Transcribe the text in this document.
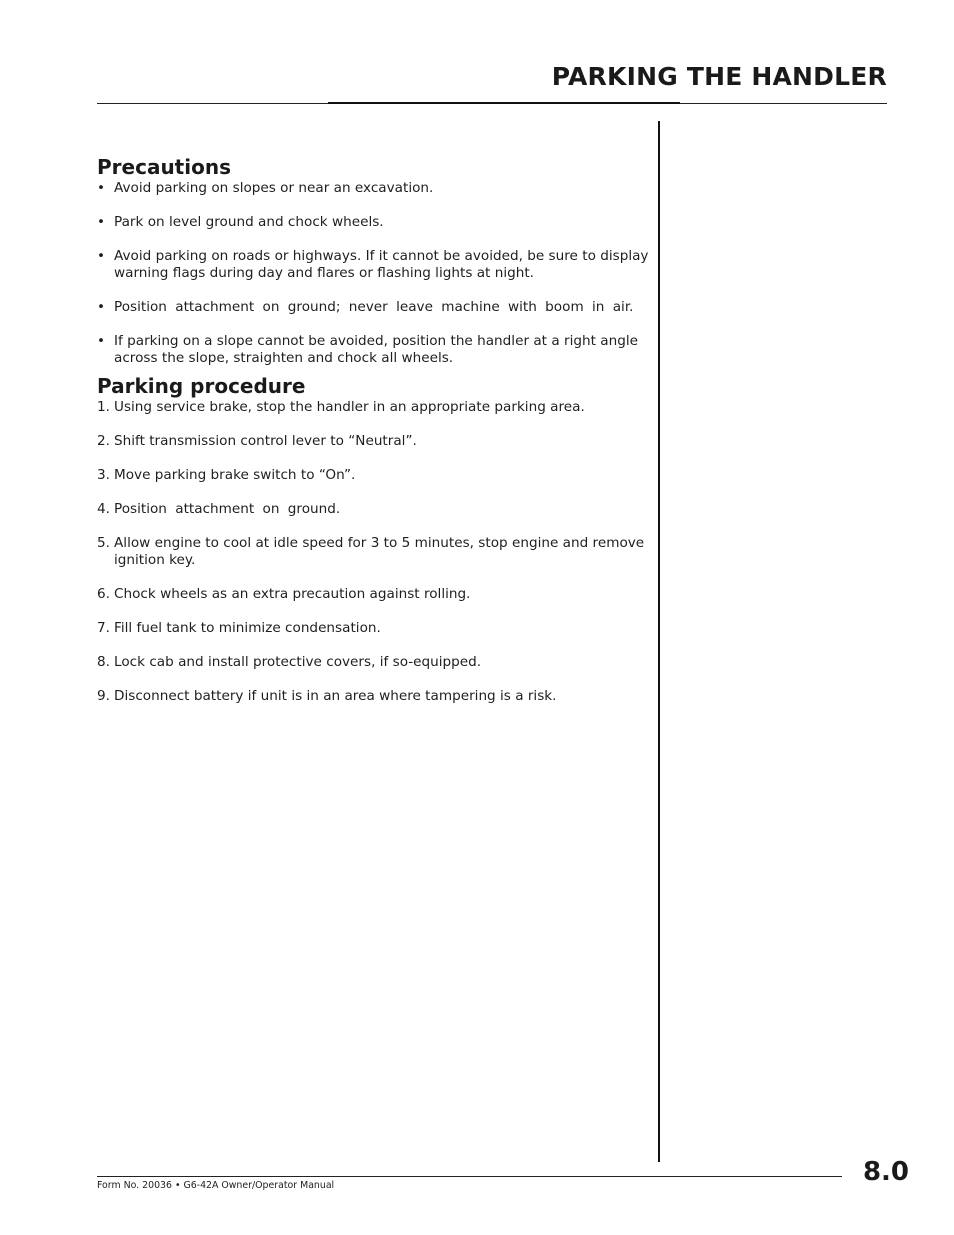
PARKING THE HANDLER
Precautions
• Avoid parking on slopes or near an excavation.
• Park on level ground and chock wheels.
• Avoid parking on roads or highways. If it cannot be avoided, be sure to display warning flags during day and flares or flashing lights at night.
• Position attachment on ground; never leave machine with boom in air.
• If parking on a slope cannot be avoided, position the handler at a right angle across the slope, straighten and chock all wheels.
Parking procedure
1. Using service brake, stop the handler in an appropriate parking area.
2. Shift transmission control lever to “Neutral”.
3. Move parking brake switch to “On”.
4. Position attachment on ground.
5. Allow engine to cool at idle speed for 3 to 5 minutes, stop engine and remove ignition key.
6. Chock wheels as an extra precaution against rolling.
7. Fill fuel tank to minimize condensation.
8. Lock cab and install protective covers, if so-equipped.
9. Disconnect battery if unit is in an area where tampering is a risk.
Form No. 20036 • G6-42A Owner/Operator Manual	8.0
